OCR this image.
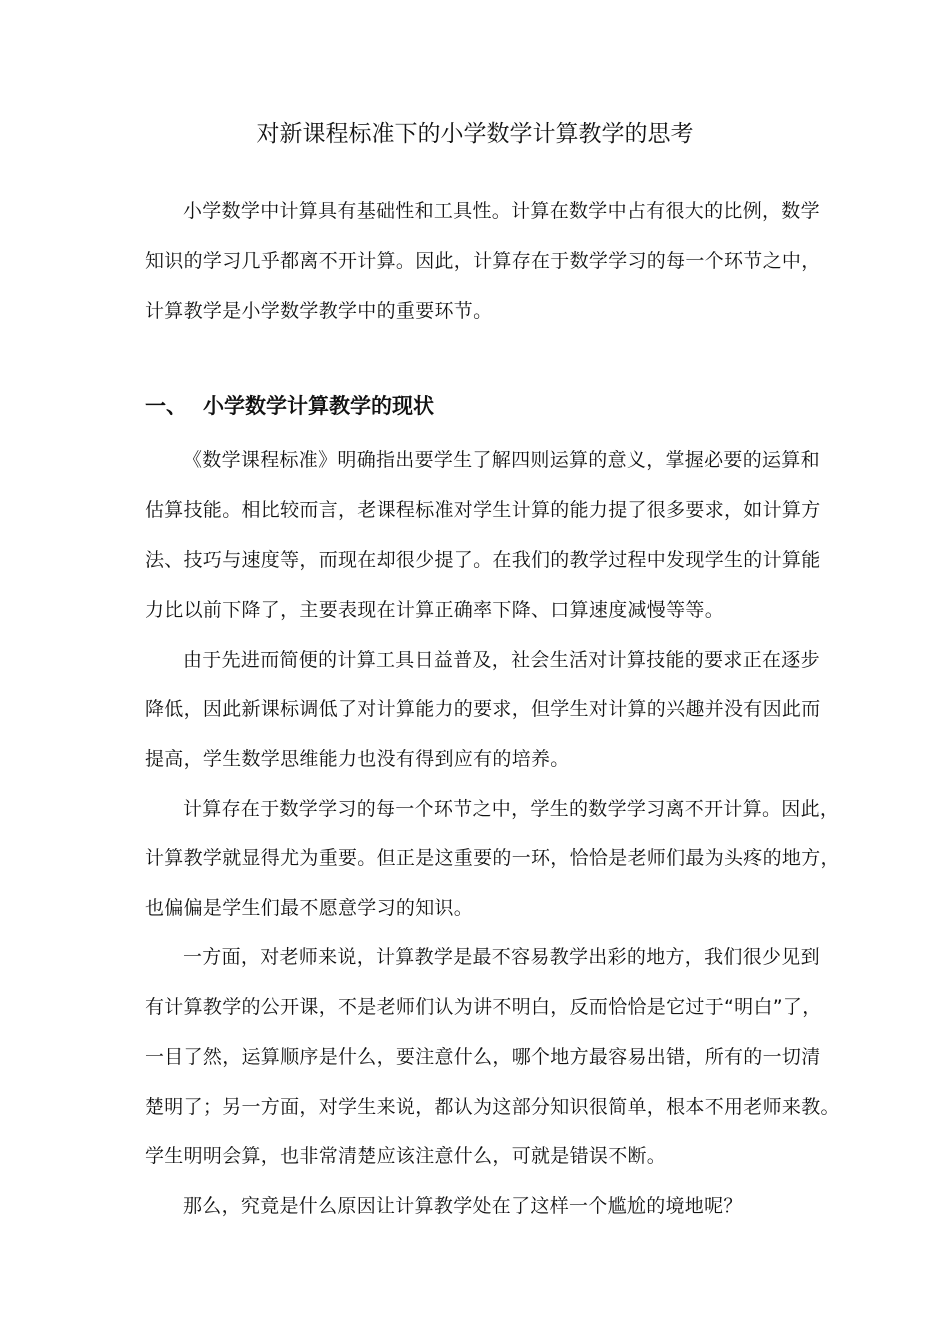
对新课程标准下的小学数学计算教学的思考
小学数学中计算具有基础性和工具性。计算在数学中占有很大的比例，数学
知识的学习几乎都离不开计算。因此，计算存在于数学学习的每一个环节之中，
计算教学是小学数学教学中的重要环节。
一、 小学数学计算教学的现状
《数学课程标准》明确指出要学生了解四则运算的意义，掌握必要的运算和
估算技能。相比较而言，老课程标准对学生计算的能力提了很多要求，如计算方
法、技巧与速度等，而现在却很少提了。在我们的教学过程中发现学生的计算能
力比以前下降了，主要表现在计算正确率下降、口算速度减慢等等。
由于先进而简便的计算工具日益普及，社会生活对计算技能的要求正在逐步
降低，因此新课标调低了对计算能力的要求，但学生对计算的兴趣并没有因此而
提高，学生数学思维能力也没有得到应有的培养。
计算存在于数学学习的每一个环节之中，学生的数学学习离不开计算。因此，
计算教学就显得尤为重要。但正是这重要的一环，恰恰是老师们最为头疼的地方，
也偏偏是学生们最不愿意学习的知识。
一方面，对老师来说，计算教学是最不容易教学出彩的地方，我们很少见到
有计算教学的公开课，不是老师们认为讲不明白，反而恰恰是它过于“明白”了，
一目了然，运算顺序是什么，要注意什么，哪个地方最容易出错，所有的一切清
楚明了；另一方面，对学生来说，都认为这部分知识很简单，根本不用老师来教。
学生明明会算，也非常清楚应该注意什么，可就是错误不断。
那么，究竟是什么原因让计算教学处在了这样一个尴尬的境地呢？
